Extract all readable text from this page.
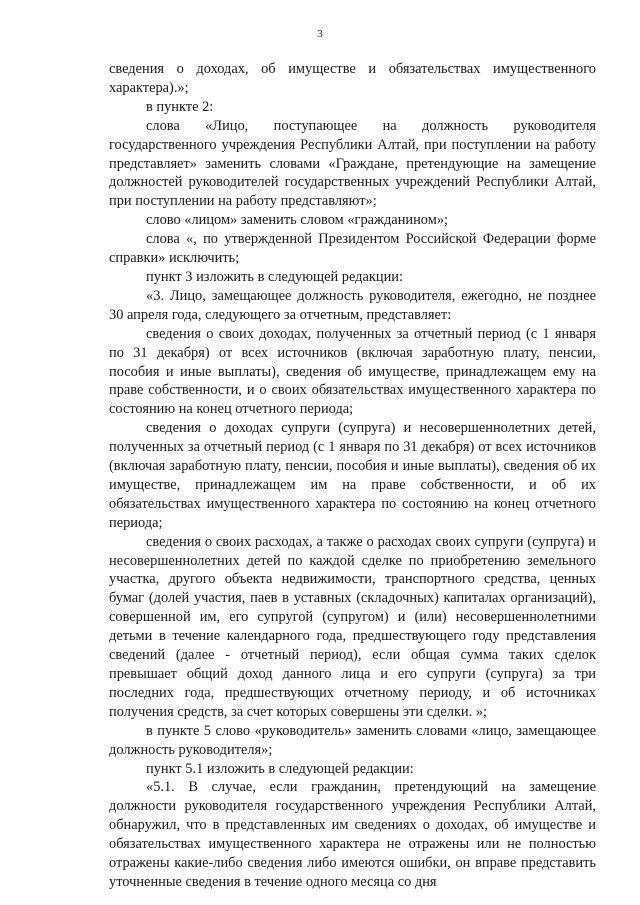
3

сведения о доходах, об имуществе и обязательствах имущественного характера).»;

в пункте 2:

слова «Лицо, поступающее на должность руководителя государственного учреждения Республики Алтай, при поступлении на работу представляет» заменить словами «Граждане, претендующие на замещение должностей руководителей государственных учреждений Республики Алтай, при поступлении на работу представляют»;

слово «лицом» заменить словом «гражданином»;

слова «, по утвержденной Президентом Российской Федерации форме справки» исключить;

пункт 3 изложить в следующей редакции:

«3. Лицо, замещающее должность руководителя, ежегодно, не позднее 30 апреля года, следующего за отчетным, представляет:

сведения о своих доходах, полученных за отчетный период (с 1 января по 31 декабря) от всех источников (включая заработную плату, пенсии, пособия и иные выплаты), сведения об имуществе, принадлежащем ему на праве собственности, и о своих обязательствах имущественного характера по состоянию на конец отчетного периода;

сведения о доходах супруги (супруга) и несовершеннолетних детей, полученных за отчетный период (с 1 января по 31 декабря) от всех источников (включая заработную плату, пенсии, пособия и иные выплаты), сведения об их имуществе, принадлежащем им на праве собственности, и об их обязательствах имущественного характера по состоянию на конец отчетного периода;

сведения о своих расходах, а также о расходах своих супруги (супруга) и несовершеннолетних детей по каждой сделке по приобретению земельного участка, другого объекта недвижимости, транспортного средства, ценных бумаг (долей участия, паев в уставных (складочных) капиталах организаций), совершенной им, его супругой (супругом) и (или) несовершеннолетними детьми в течение календарного года, предшествующего году представления сведений (далее - отчетный период), если общая сумма таких сделок превышает общий доход данного лица и его супруги (супруга) за три последних года, предшествующих отчетному периоду, и об источниках получения средств, за счет которых совершены эти сделки. »;

в пункте 5 слово «руководитель» заменить словами «лицо, замещающее должность руководителя»;

пункт 5.1 изложить в следующей редакции:

«5.1. В случае, если гражданин, претендующий на замещение должности руководителя государственного учреждения Республики Алтай, обнаружил, что в представленных им сведениях о доходах, об имуществе и обязательствах имущественного характера не отражены или не полностью отражены какие-либо сведения либо имеются ошибки, он вправе представить уточненные сведения в течение одного месяца со дня
